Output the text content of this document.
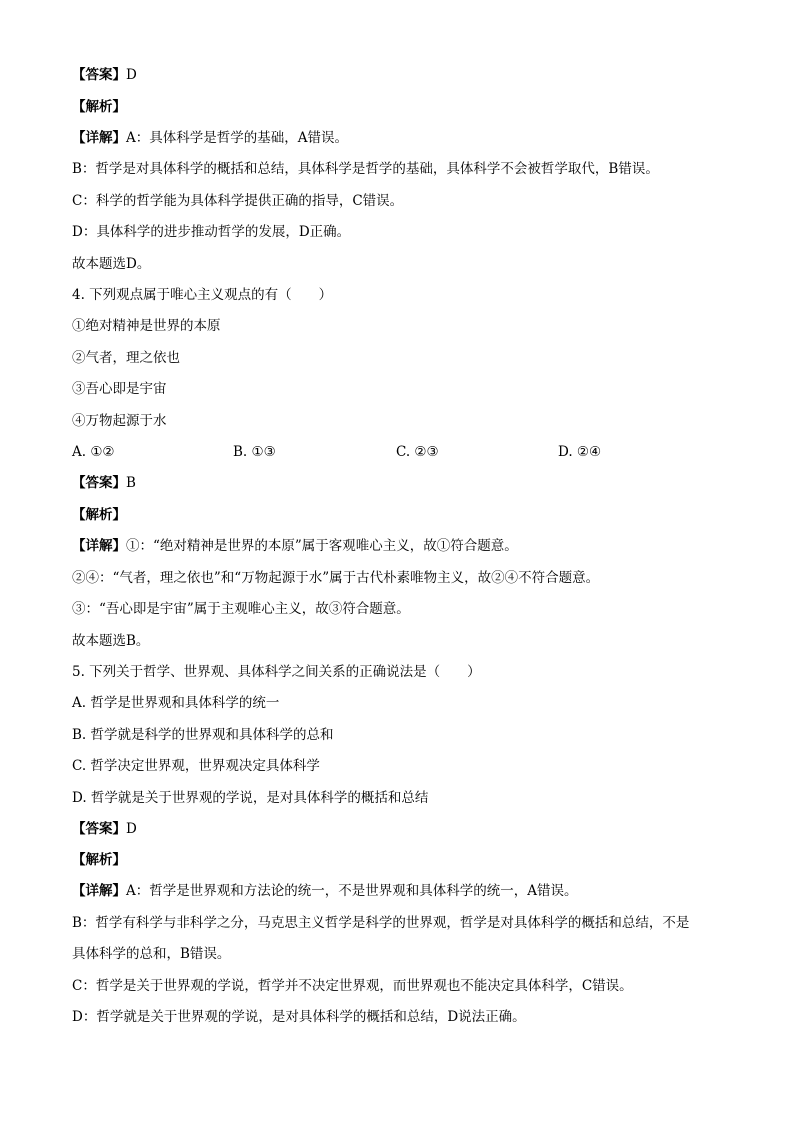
【答案】D
【解析】
【详解】A：具体科学是哲学的基础，A错误。
B：哲学是对具体科学的概括和总结，具体科学是哲学的基础，具体科学不会被哲学取代，B错误。
C：科学的哲学能为具体科学提供正确的指导，C错误。
D：具体科学的进步推动哲学的发展，D正确。
故本题选D。
4. 下列观点属于唯心主义观点的有（　　）
①绝对精神是世界的本原
②气者，理之依也
③吾心即是宇宙
④万物起源于水
A. ①②	B. ①③	C. ②③	D. ②④
【答案】B
【解析】
【详解】①：“绝对精神是世界的本原”属于客观唯心主义，故①符合题意。
②④：“气者，理之依也”和“万物起源于水”属于古代朴素唯物主义，故②④不符合题意。
③：“吾心即是宇宙”属于主观唯心主义，故③符合题意。
故本题选B。
5. 下列关于哲学、世界观、具体科学之间关系的正确说法是（　　）
A. 哲学是世界观和具体科学的统一
B. 哲学就是科学的世界观和具体科学的总和
C. 哲学决定世界观，世界观决定具体科学
D. 哲学就是关于世界观的学说，是对具体科学的概括和总结
【答案】D
【解析】
【详解】A：哲学是世界观和方法论的统一，不是世界观和具体科学的统一，A错误。
B：哲学有科学与非科学之分，马克思主义哲学是科学的世界观，哲学是对具体科学的概括和总结，不是
具体科学的总和，B错误。
C：哲学是关于世界观的学说，哲学并不决定世界观，而世界观也不能决定具体科学，C错误。
D：哲学就是关于世界观的学说，是对具体科学的概括和总结，D说法正确。
